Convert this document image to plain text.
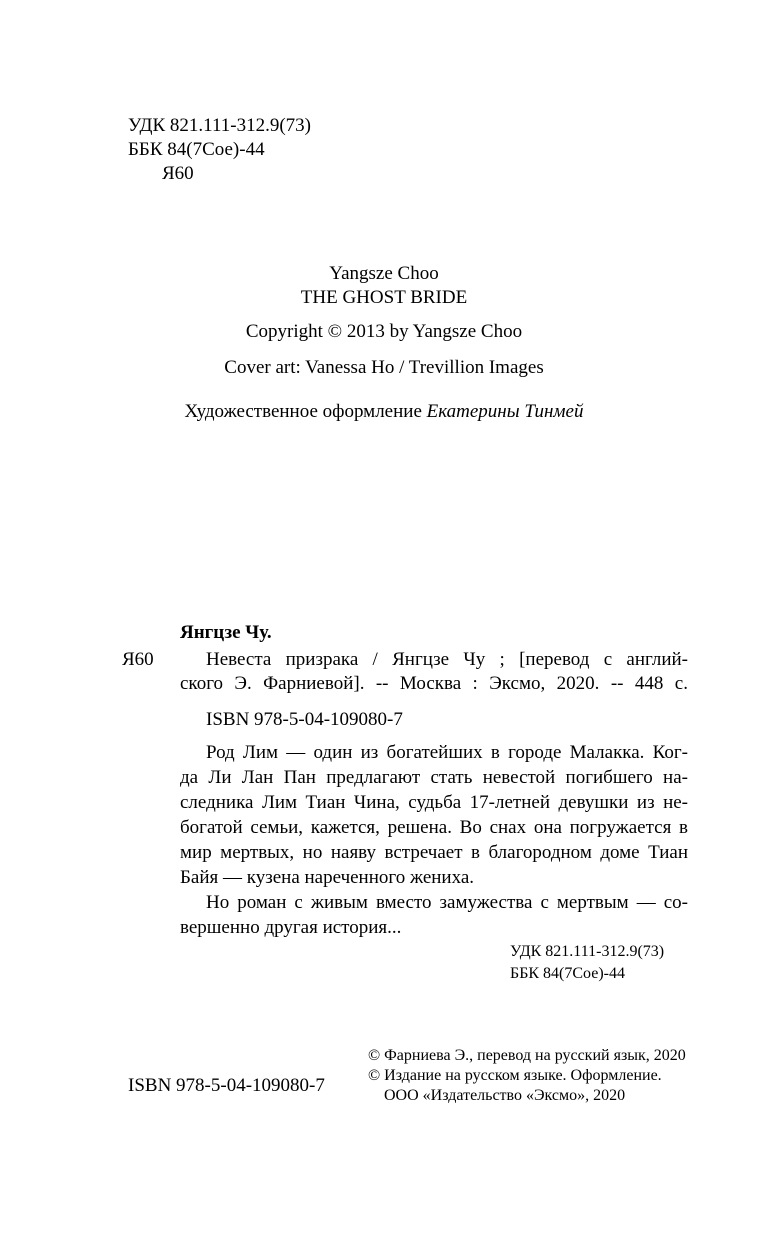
УДК 821.111-312.9(73)
ББК 84(7Сое)-44
Я60
Yangsze Choo
THE GHOST BRIDE
Copyright © 2013 by Yangsze Choo
Cover art: Vanessa Ho / Trevillion Images
Художественное оформление Екатерины Тинмей
Янгцзе Чу.
Я60	Невеста призрака / Янгцзе Чу ; [перевод с англий-
ского Э. Фарниевой]. -- Москва : Эксмо, 2020. -- 448 с.
ISBN 978-5-04-109080-7
Род Лим — один из богатейших в городе Малакка. Ког-
да Ли Лан Пан предлагают стать невестой погибшего на-
следника Лим Тиан Чина, судьба 17-летней девушки из не-
богатой семьи, кажется, решена. Во снах она погружается в
мир мертвых, но наяву встречает в благородном доме Тиан
Байя — кузена нареченного жениха.
Но роман с живым вместо замужества с мертвым — со-
вершенно другая история...
УДК 821.111-312.9(73)
ББК 84(7Сое)-44
ISBN 978-5-04-109080-7
© Фарниева Э., перевод на русский язык, 2020
© Издание на русском языке. Оформление.
ООО «Издательство «Эксмо», 2020
